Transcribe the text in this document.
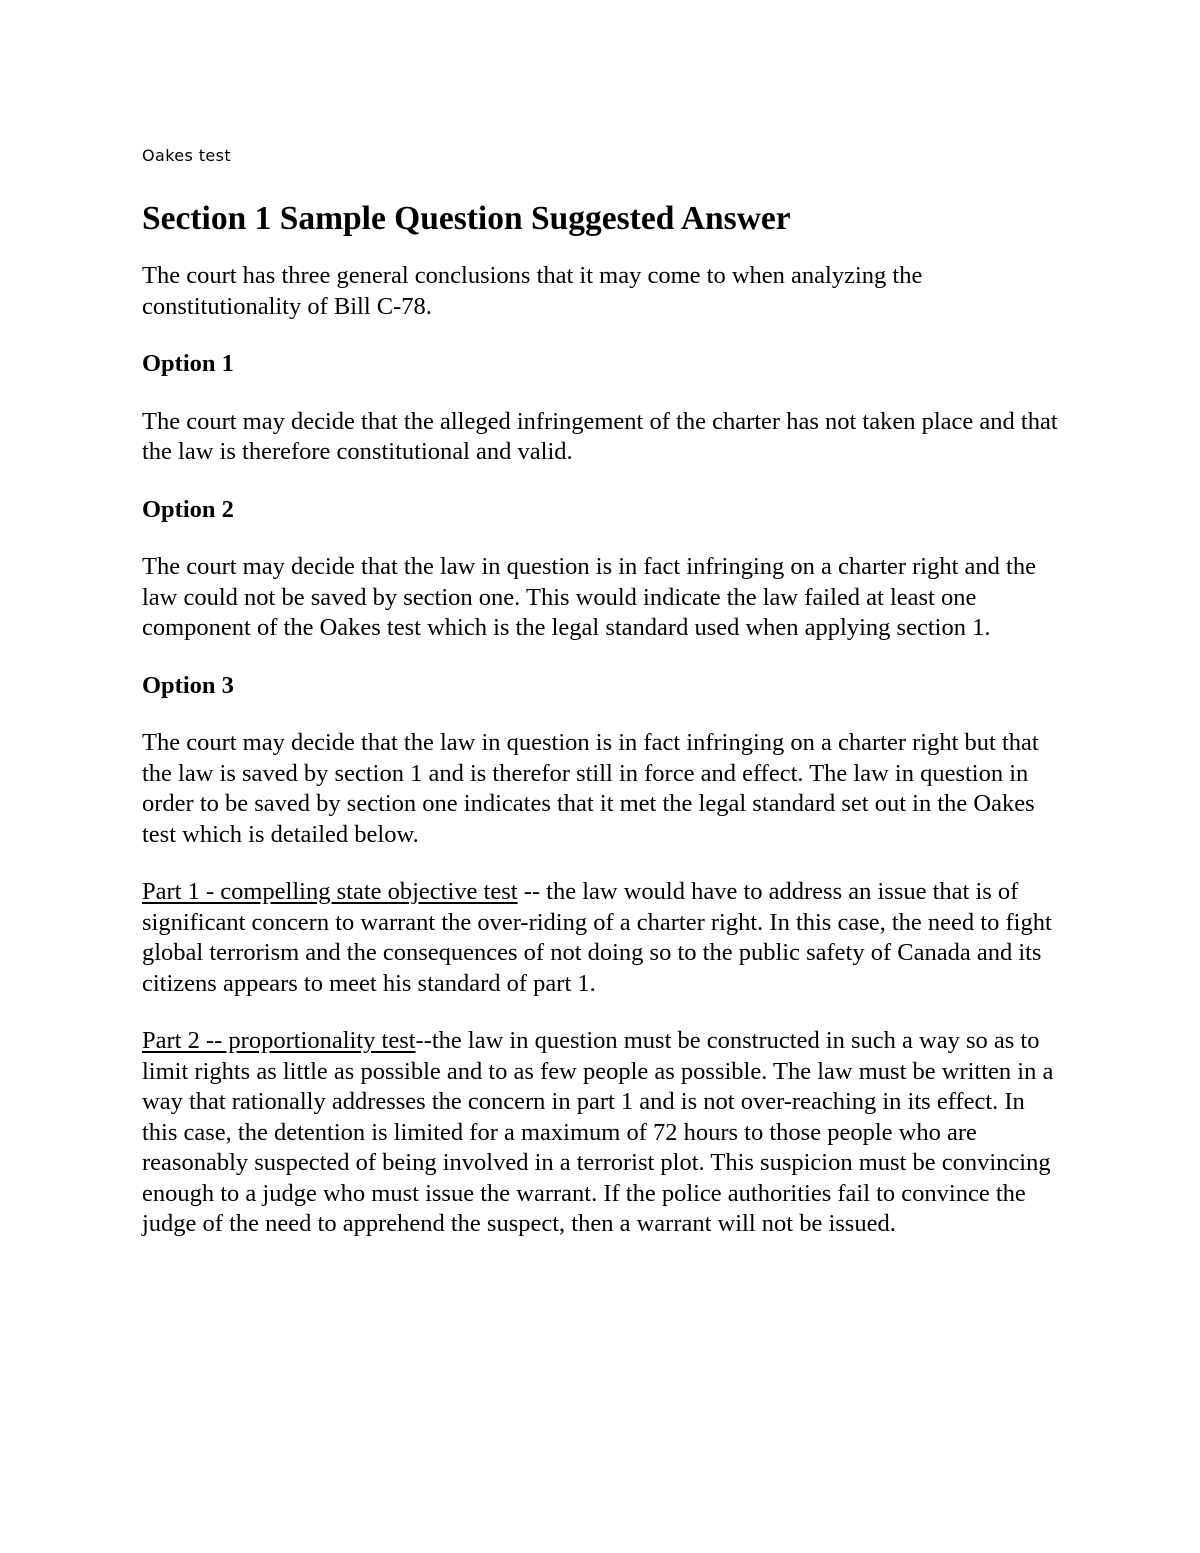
Oakes test

Section 1 Sample Question Suggested Answer

The court has three general conclusions that it may come to when analyzing the constitutionality of Bill C-78.

Option 1

The court may decide that the alleged infringement of the charter has not taken place and that the law is therefore constitutional and valid.

Option 2

The court may decide that the law in question is in fact infringing on a charter right and the law could not be saved by section one. This would indicate the law failed at least one component of the Oakes test which is the legal standard used when applying section 1.

Option 3

The court may decide that the law in question is in fact infringing on a charter right but that the law is saved by section 1 and is therefor still in force and effect. The law in question in order to be saved by section one indicates that it met the legal standard set out in the Oakes test which is detailed below.

Part 1 - compelling state objective test -- the law would have to address an issue that is of significant concern to warrant the over-riding of a charter right. In this case, the need to fight global terrorism and the consequences of not doing so to the public safety of Canada and its citizens appears to meet his standard of part 1.

Part 2 -- proportionality test--the law in question must be constructed in such a way so as to limit rights as little as possible and to as few people as possible. The law must be written in a way that rationally addresses the concern in part 1 and is not over-reaching in its effect. In this case, the detention is limited for a maximum of 72 hours to those people who are reasonably suspected of being involved in a terrorist plot. This suspicion must be convincing enough to a judge who must issue the warrant. If the police authorities fail to convince the judge of the need to apprehend the suspect, then a warrant will not be issued.
